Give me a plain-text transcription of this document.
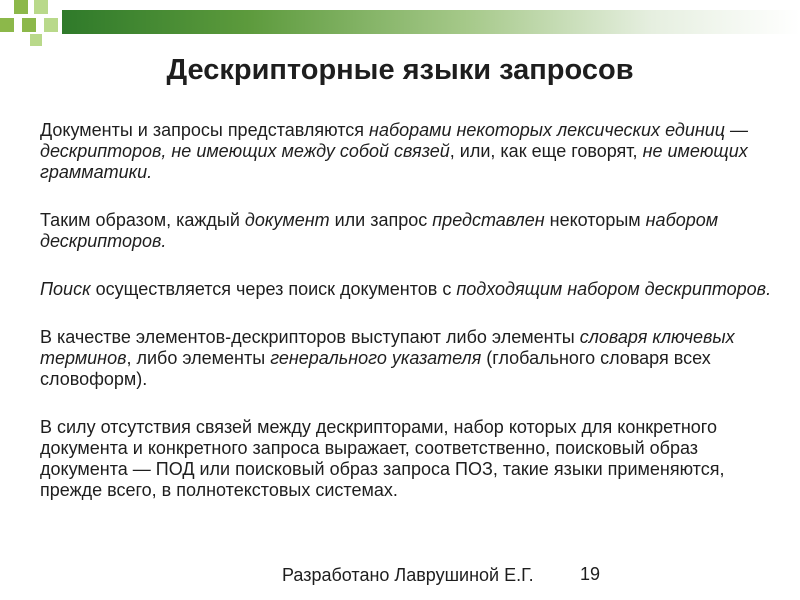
Дескрипторные языки запросов

Документы и запросы представляются наборами некоторых лексических единиц — дескрипторов, не имеющих между собой связей, или, как еще говорят, не имеющих грамматики.

Таким образом, каждый документ или запрос представлен некоторым набором дескрипторов.

Поиск осуществляется через поиск документов с подходящим набором дескрипторов.

В качестве элементов-дескрипторов выступают либо элементы словаря ключевых терминов, либо элементы генерального указателя (глобального словаря всех словоформ).

В силу отсутствия связей между дескрипторами, набор которых для конкретного документа и конкретного запроса выражает, соответственно, поисковый образ документа — ПОД или поисковый образ запроса ПОЗ, такие языки применяются, прежде всего, в полнотекстовых системах.

Разработано Лаврушиной Е.Г.	19
